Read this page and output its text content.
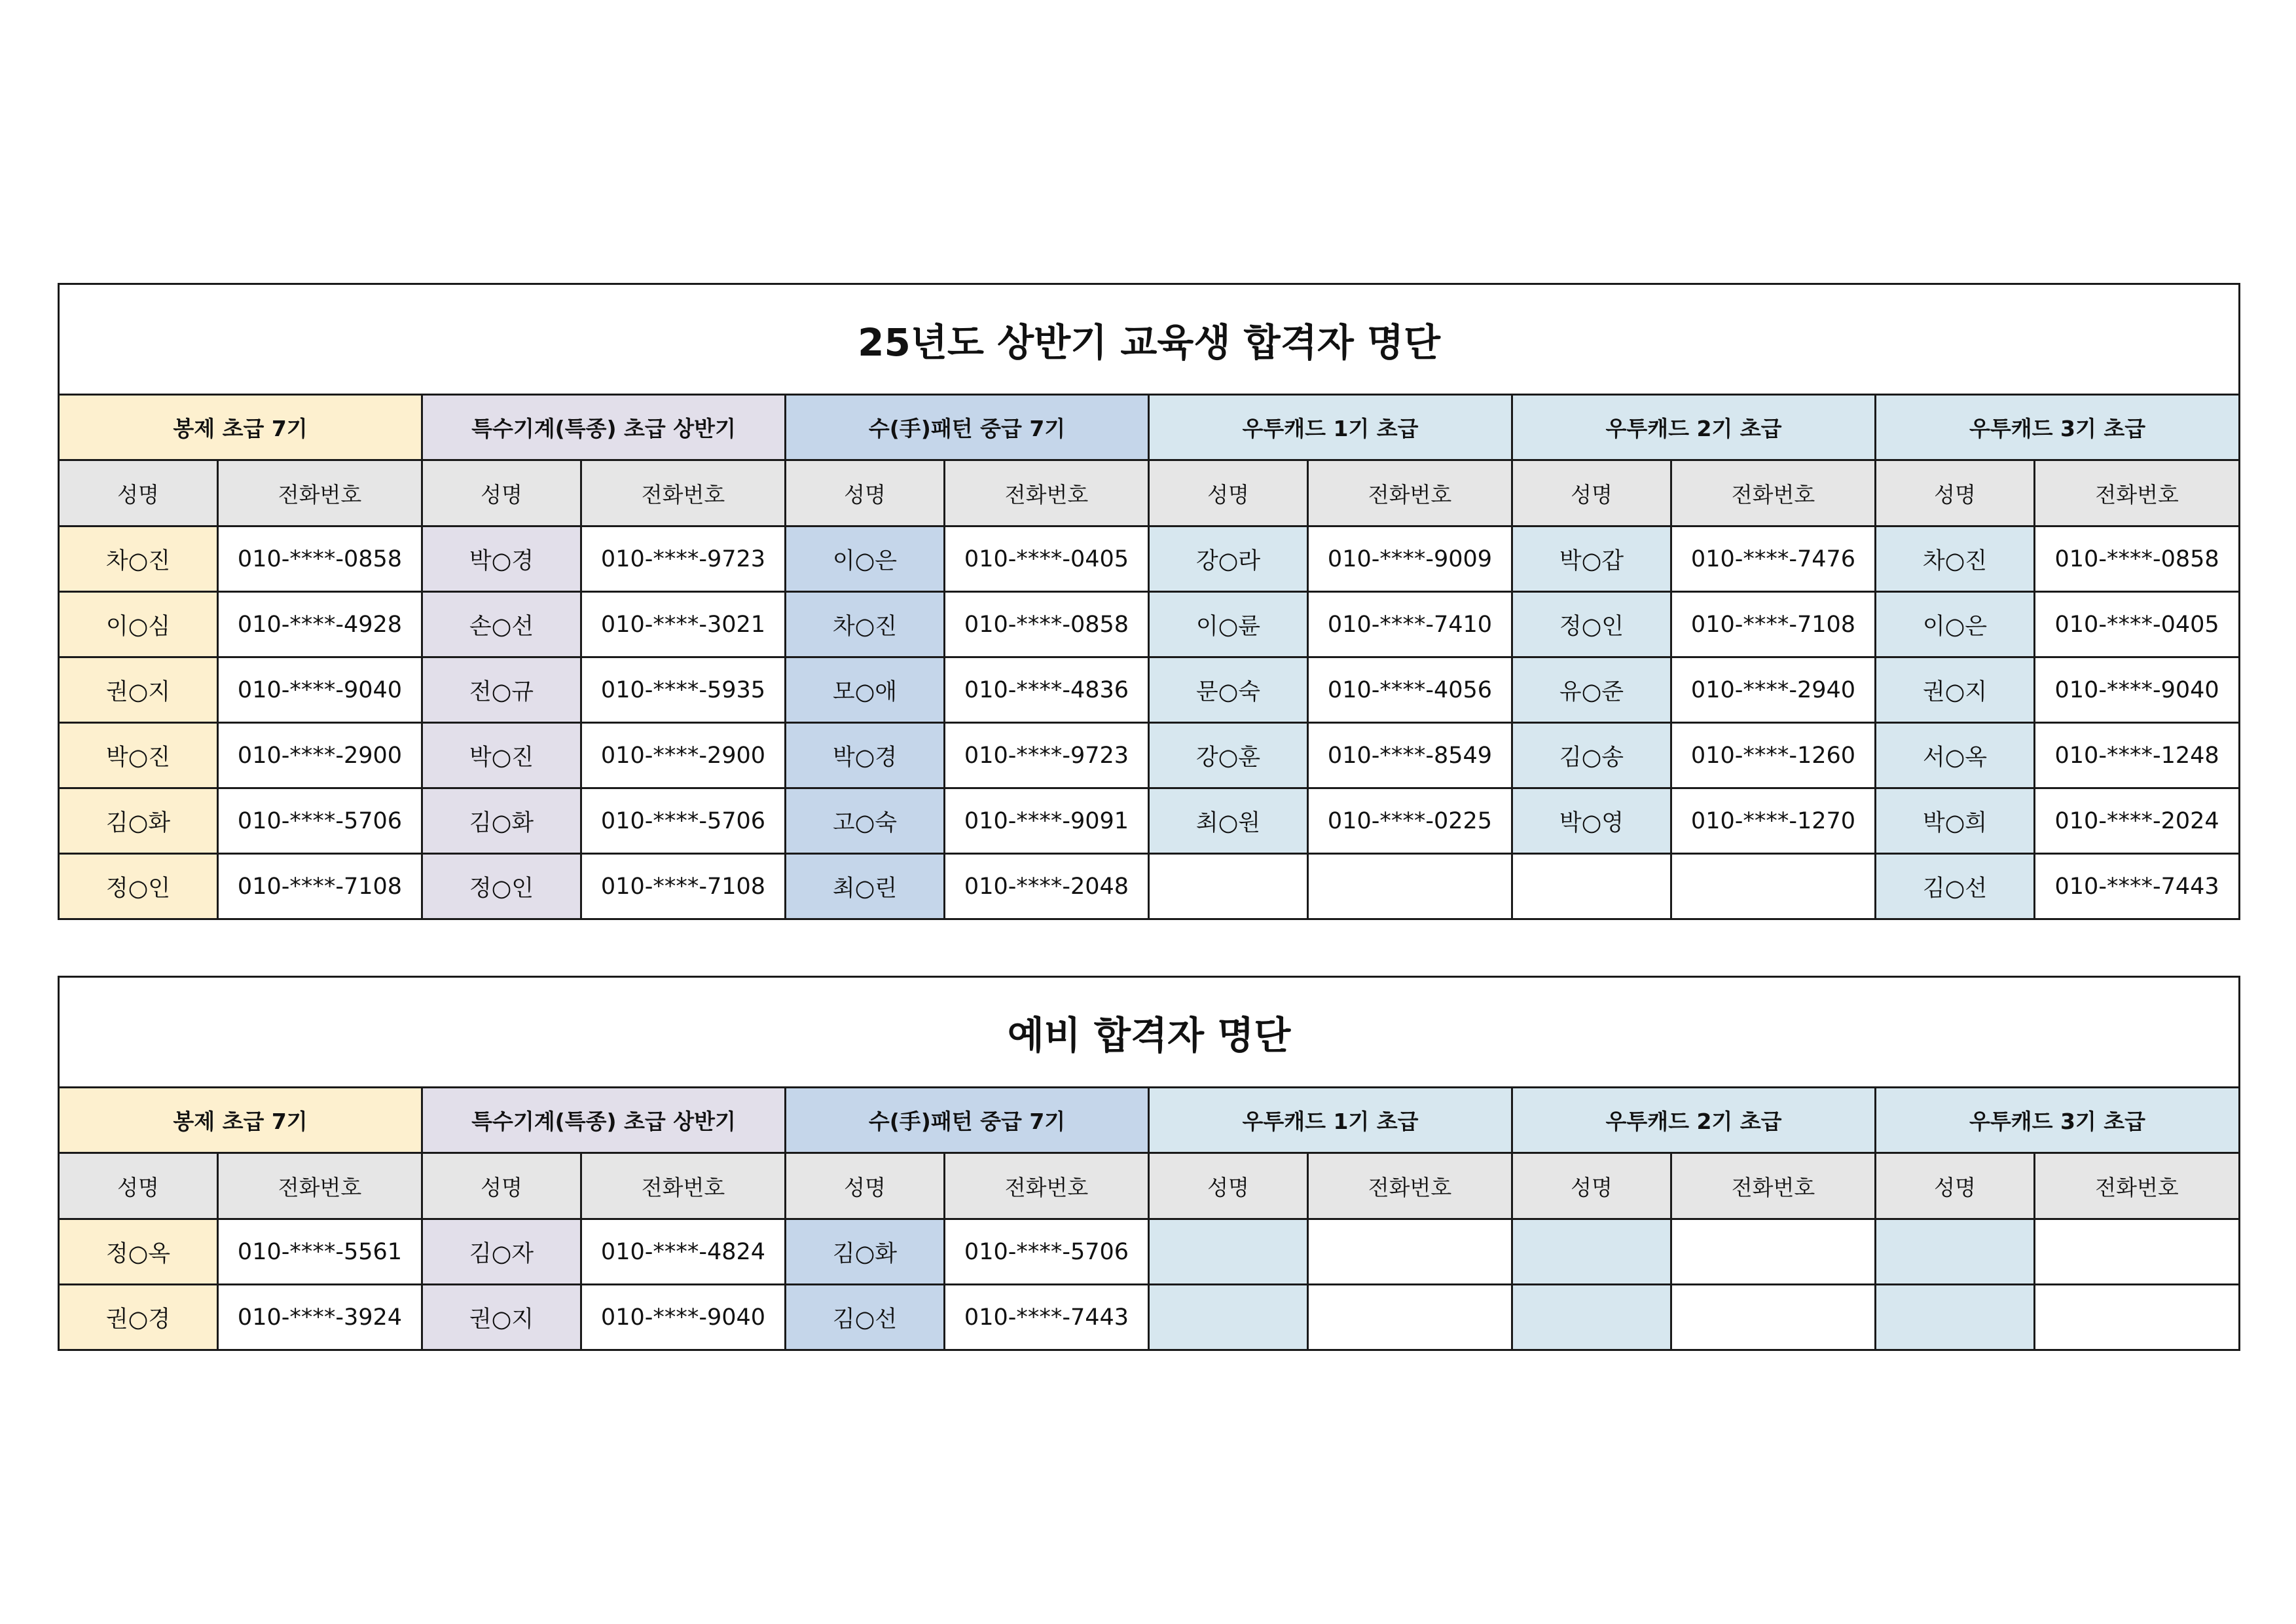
25년도 상반기 교육생 합격자 명단											
봉제 초급 7기		특수기계(특종) 초급 상반기		수(手)패턴 중급 7기		우투캐드 1기 초급		우투캐드 2기 초급		우투캐드 3기 초급	
성명	전화번호	성명	전화번호	성명	전화번호	성명	전화번호	성명	전화번호	성명	전화번호
차○진	010-****-0858	박○경	010-****-9723	이○은	010-****-0405	강○라	010-****-9009	박○갑	010-****-7476	차○진	010-****-0858
이○심	010-****-4928	손○선	010-****-3021	차○진	010-****-0858	이○륜	010-****-7410	정○인	010-****-7108	이○은	010-****-0405
권○지	010-****-9040	전○규	010-****-5935	모○애	010-****-4836	문○숙	010-****-4056	유○준	010-****-2940	권○지	010-****-9040
박○진	010-****-2900	박○진	010-****-2900	박○경	010-****-9723	강○훈	010-****-8549	김○송	010-****-1260	서○옥	010-****-1248
김○화	010-****-5706	김○화	010-****-5706	고○숙	010-****-9091	최○원	010-****-0225	박○영	010-****-1270	박○희	010-****-2024
정○인	010-****-7108	정○인	010-****-7108	최○린	010-****-2048					김○선	010-****-7443
예비 합격자 명단											
봉제 초급 7기		특수기계(특종) 초급 상반기		수(手)패턴 중급 7기		우투캐드 1기 초급		우투캐드 2기 초급		우투캐드 3기 초급	
성명	전화번호	성명	전화번호	성명	전화번호	성명	전화번호	성명	전화번호	성명	전화번호
정○옥	010-****-5561	김○자	010-****-4824	김○화	010-****-5706						
권○경	010-****-3924	권○지	010-****-9040	김○선	010-****-7443						
